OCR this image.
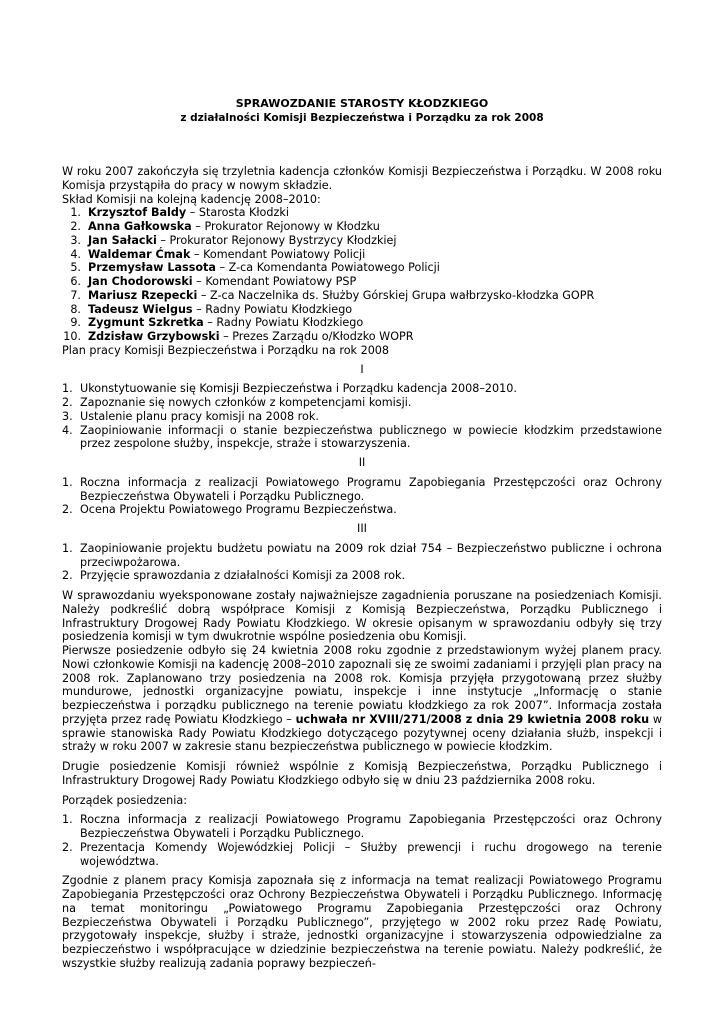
SPRAWOZDANIE STAROSTY KŁODZKIEGO
z działalności Komisji Bezpieczeństwa i Porządku za rok 2008

W roku 2007 zakończyła się trzyletnia kadencja członków Komisji Bezpieczeństwa i Porządku. W 2008 roku Komisja przystąpiła do pracy w nowym składzie.

Skład Komisji na kolejną kadencję 2008–2010:

1. Krzysztof Baldy – Starosta Kłodzki
2. Anna Gałkowska – Prokurator Rejonowy w Kłodzku
3. Jan Sałacki – Prokurator Rejonowy Bystrzycy Kłodzkiej
4. Waldemar Ćmak – Komendant Powiatowy Policji
5. Przemysław Lassota – Z-ca Komendanta Powiatowego Policji
6. Jan Chodorowski – Komendant Powiatowy PSP
7. Mariusz Rzepecki – Z-ca Naczelnika ds. Służby Górskiej Grupa wałbrzysko-kłodzka GOPR
8. Tadeusz Wielgus – Radny Powiatu Kłodzkiego
9. Zygmunt Szkretka – Radny Powiatu Kłodzkiego
10. Zdzisław Grzybowski – Prezes Zarządu o/Kłodzko WOPR

Plan pracy Komisji Bezpieczeństwa i Porządku na rok 2008

I
1. Ukonstytuowanie się Komisji Bezpieczeństwa i Porządku kadencja 2008–2010.
2. Zapoznanie się nowych członków z kompetencjami komisji.
3. Ustalenie planu pracy komisji na 2008 rok.
4. Zaopiniowanie informacji o stanie bezpieczeństwa publicznego w powiecie kłodzkim przedstawione przez zespolone służby, inspekcje, straże i stowarzyszenia.
II
1. Roczna informacja z realizacji Powiatowego Programu Zapobiegania Przestępczości oraz Ochrony Bezpieczeństwa Obywateli i Porządku Publicznego.
2. Ocena Projektu Powiatowego Programu Bezpieczeństwa.
III
1. Zaopiniowanie projektu budżetu powiatu na 2009 rok dział 754 – Bezpieczeństwo publiczne i ochrona przeciwpożarowa.
2. Przyjęcie sprawozdania z działalności Komisji za 2008 rok.

W sprawozdaniu wyeksponowane zostały najważniejsze zagadnienia poruszane na posiedzeniach Komisji. Należy podkreślić dobrą współprace Komisji z Komisją Bezpieczeństwa, Porządku Publicznego i Infrastruktury Drogowej Rady Powiatu Kłodzkiego. W okresie opisanym w sprawozdaniu odbyły się trzy posiedzenia komisji w tym dwukrotnie wspólne posiedzenia obu Komisji.

Pierwsze posiedzenie odbyło się 24 kwietnia 2008 roku zgodnie z przedstawionym wyżej planem pracy. Nowi członkowie Komisji na kadencję 2008–2010 zapoznali się ze swoimi zadaniami i przyjęli plan pracy na 2008 rok. Zaplanowano trzy posiedzenia na 2008 rok. Komisja przyjęła przygotowaną przez służby mundurowe, jednostki organizacyjne powiatu, inspekcje i inne instytucje „Informację o stanie bezpieczeństwa i porządku publicznego na terenie powiatu kłodzkiego za rok 2007”. Informacja została przyjęta przez radę Powiatu Kłodzkiego – uchwała nr XVIII/271/2008 z dnia 29 kwietnia 2008 roku w sprawie stanowiska Rady Powiatu Kłodzkiego dotyczącego pozytywnej oceny działania służb, inspekcji i straży w roku 2007 w zakresie stanu bezpieczeństwa publicznego w powiecie kłodzkim.

Drugie posiedzenie Komisji również wspólnie z Komisją Bezpieczeństwa, Porządku Publicznego i Infrastruktury Drogowej Rady Powiatu Kłodzkiego odbyło się w dniu 23 października 2008 roku.

Porządek posiedzenia:

1. Roczna informacja z realizacji Powiatowego Programu Zapobiegania Przestępczości oraz Ochrony Bezpieczeństwa Obywateli i Porządku Publicznego.
2. Prezentacja Komendy Wojewódzkiej Policji – Służby prewencji i ruchu drogowego na terenie województwa.

Zgodnie z planem pracy Komisja zapoznała się z informacja na temat realizacji Powiatowego Programu Zapobiegania Przestępczości oraz Ochrony Bezpieczeństwa Obywateli i Porządku Publicznego. Informację na temat monitoringu „Powiatowego Programu Zapobiegania Przestępczości oraz Ochrony Bezpieczeństwa Obywateli i Porządku Publicznego”, przyjętego w 2002 roku przez Radę Powiatu, przygotowały inspekcje, służby i straże, jednostki organizacyjne i stowarzyszenia odpowiedzialne za bezpieczeństwo i współpracujące w dziedzinie bezpieczeństwa na terenie powiatu. Należy podkreślić, że wszystkie służby realizują zadania poprawy bezpieczeń-
